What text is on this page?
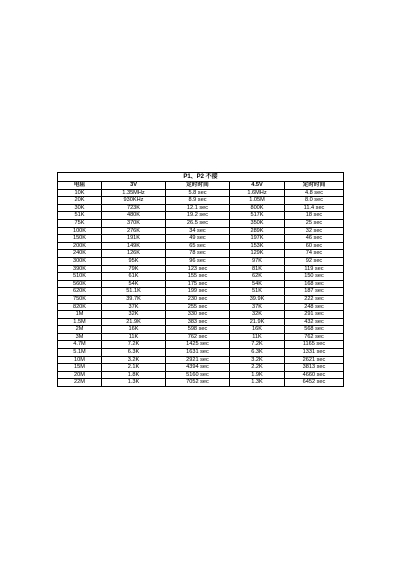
P1、P2 不接
电阻	3V	定时时间	4.5V	定时时间
10K	1.35MHz	5.8 sec	1.6MHz	4.8 sec
20K	930KHz	8.9 sec	1.05M	8.0 sec
30K	723K	12.1 sec	800K	11.4 sec
51K	480K	19.2 sec	517K	18 sec
75K	370K	26.5 sec	350K	25 sec
100K	276K	34 sec	289K	32 sec
150K	191K	49 sec	197K	46 sec
200K	149K	65 sec	153K	60 sec
240K	126K	78 sec	129K	74 sec
300K	95K	96 sec	97K	92 sec
390K	79K	123 sec	81K	119 sec
510K	61K	155 sec	62K	150 sec
560K	54K	175 sec	54K	168 sec
620K	51.1K	199 sec	51K	187 sec
750K	39.7K	230 sec	39.9K	222 sec
820K	37K	255 sec	37K	248 sec
1M	32K	330 sec	32K	291 sec
1.5M	21.9K	383 sec	21.9K	432 sec
2M	16K	598 sec	16K	568 sec
3M	11K	762 sec	11K	762 sec
4.7M	7.2K	1425 sec	7.2K	1165 sec
5.1M	6.3K	1631 sec	6.3K	1331 sec
10M	3.2K	2921 sec	3.2K	2621 sec
15M	2.1K	4394 sec	2.2K	3813 sec
20M	1.8K	5160 sec	1.9K	4660 sec
22M	1.3K	7052 sec	1.3K	6452 sec
